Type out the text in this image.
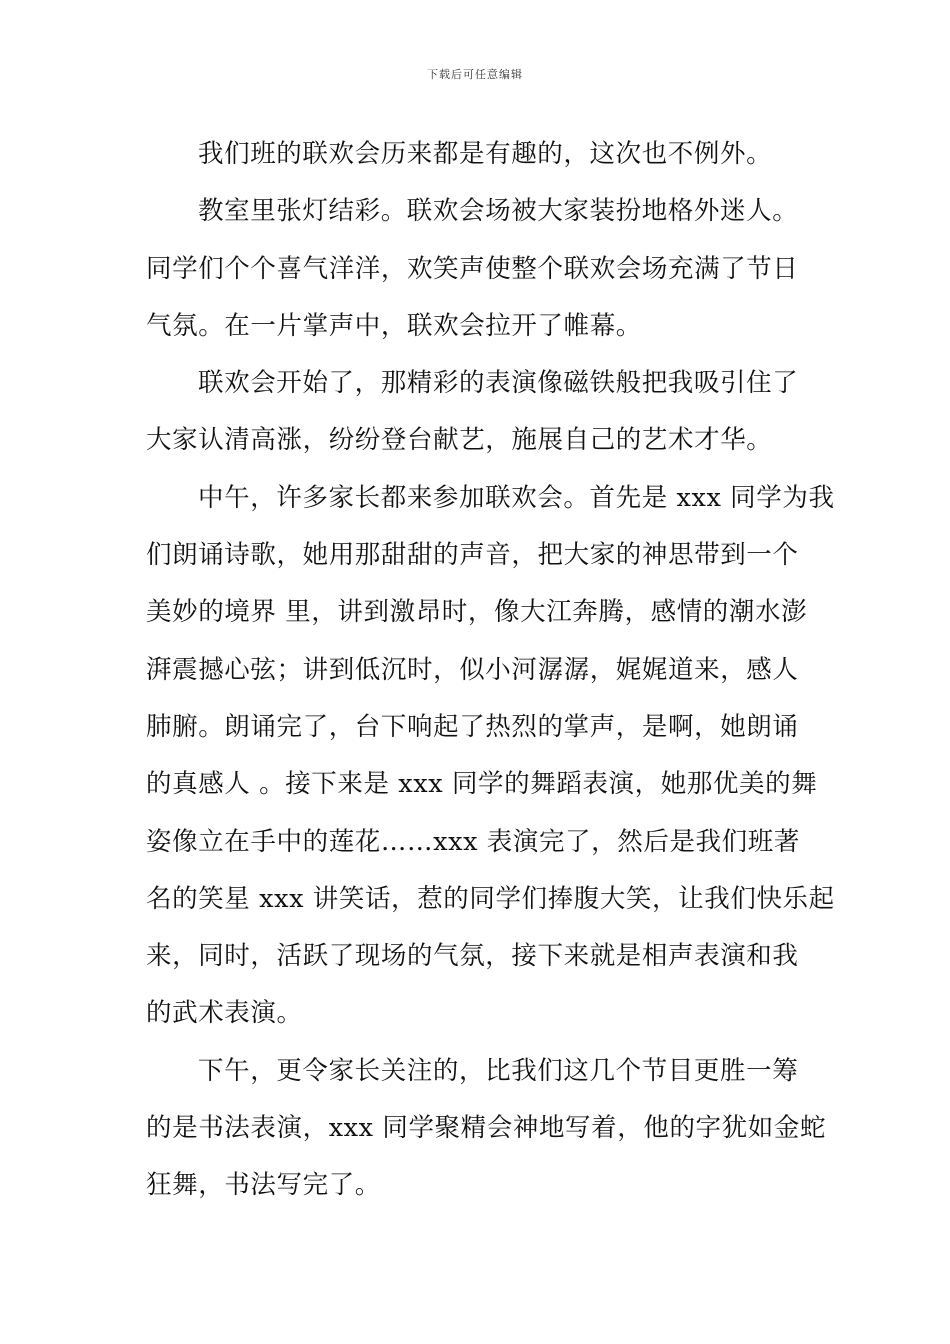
下载后可任意编辑
我们班的联欢会历来都是有趣的，这次也不例外。
教室里张灯结彩。联欢会场被大家装扮地格外迷人。
同学们个个喜气洋洋，欢笑声使整个联欢会场充满了节日
气氛。在一片掌声中，联欢会拉开了帷幕。
联欢会开始了，那精彩的表演像磁铁般把我吸引住了
大家认清高涨，纷纷登台献艺，施展自己的艺术才华。
中午，许多家长都来参加联欢会。首先是 xxx 同学为我
们朗诵诗歌，她用那甜甜的声音，把大家的神思带到一个
美妙的境界 里，讲到激昂时，像大江奔腾，感情的潮水澎
湃震撼心弦；讲到低沉时，似小河潺潺，娓娓道来，感人
肺腑。朗诵完了，台下响起了热烈的掌声，是啊，她朗诵
的真感人 。接下来是 xxx 同学的舞蹈表演，她那优美的舞
姿像立在手中的莲花……xxx 表演完了，然后是我们班著
名的笑星 xxx 讲笑话，惹的同学们捧腹大笑，让我们快乐起
来，同时，活跃了现场的气氛，接下来就是相声表演和我
的武术表演。
下午，更令家长关注的，比我们这几个节目更胜一筹
的是书法表演，xxx 同学聚精会神地写着，他的字犹如金蛇
狂舞，书法写完了。
